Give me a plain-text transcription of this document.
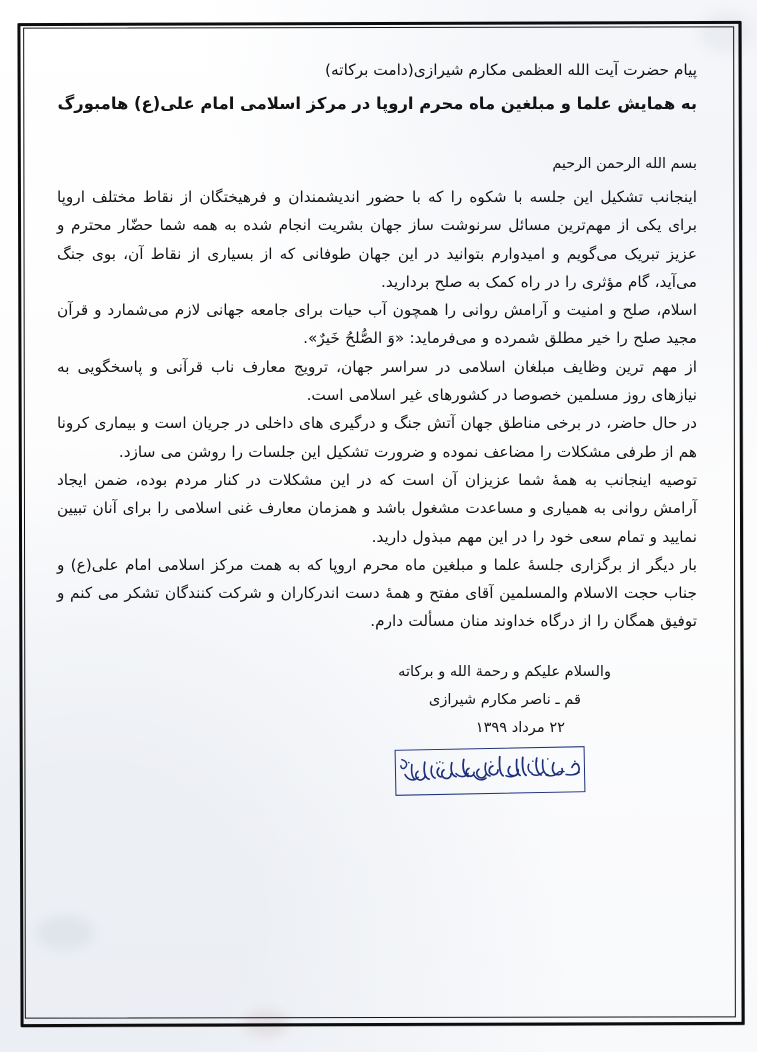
پیام حضرت آیت الله العظمی مکارم شیرازی(دامت برکاته)
به همایش علما و مبلغین ماه محرم اروپا در مرکز اسلامی امام علی(ع) هامبورگ
بسم الله الرحمن الرحیم

اینجانب تشکیل این جلسه با شکوه را که با حضور اندیشمندان و فرهیختگان از نقاط مختلف اروپا برای یکی از مهم‌ترین مسائل سرنوشت ساز جهان بشریت انجام شده به همه شما حضّار محترم و عزیز تبریک می‌گویم و امیدوارم بتوانید در این جهان طوفانی که از بسیاری از نقاط آن، بوی جنگ می‌آید، گام مؤثری را در راه کمک به صلح بردارید.

اسلام، صلح و امنیت و آرامش روانی را همچون آب حیات برای جامعه جهانی لازم می‌شمارد و قرآن مجید صلح را خیر مطلق شمرده و می‌فرماید: «وَ الصُّلحُ خَیرٌ».

از مهم ترین وظایف مبلغان اسلامی در سراسر جهان، ترویج معارف ناب قرآنی و پاسخگویی به نیازهای روز مسلمین خصوصا در کشورهای غیر اسلامی است.

در حال حاضر، در برخی مناطق جهان آتش جنگ و درگیری های داخلی در جریان است و بیماری کرونا هم از طرفی مشکلات را مضاعف نموده و ضرورت تشکیل این جلسات را روشن می سازد.

توصیه اینجانب به همهٔ شما عزیزان آن است که در این مشکلات در کنار مردم بوده، ضمن ایجاد آرامش روانی به همیاری و مساعدت مشغول باشد و همزمان معارف غنی اسلامی را برای آنان تبیین نمایید و تمام سعی خود را در این مهم مبذول دارید.

بار دیگر از برگزاری جلسهٔ علما و مبلغین ماه محرم اروپا که به همت مرکز اسلامی امام علی(ع) و جناب حجت الاسلام والمسلمین آقای مفتح و همهٔ دست اندرکاران و شرکت کنندگان تشکر می کنم و توفیق همگان را از درگاه خداوند منان مسألت دارم.

والسلام علیکم و رحمة الله و برکاته
قم ـ ناصر مکارم شیرازی
۲۲ مرداد ۱۳۹۹
